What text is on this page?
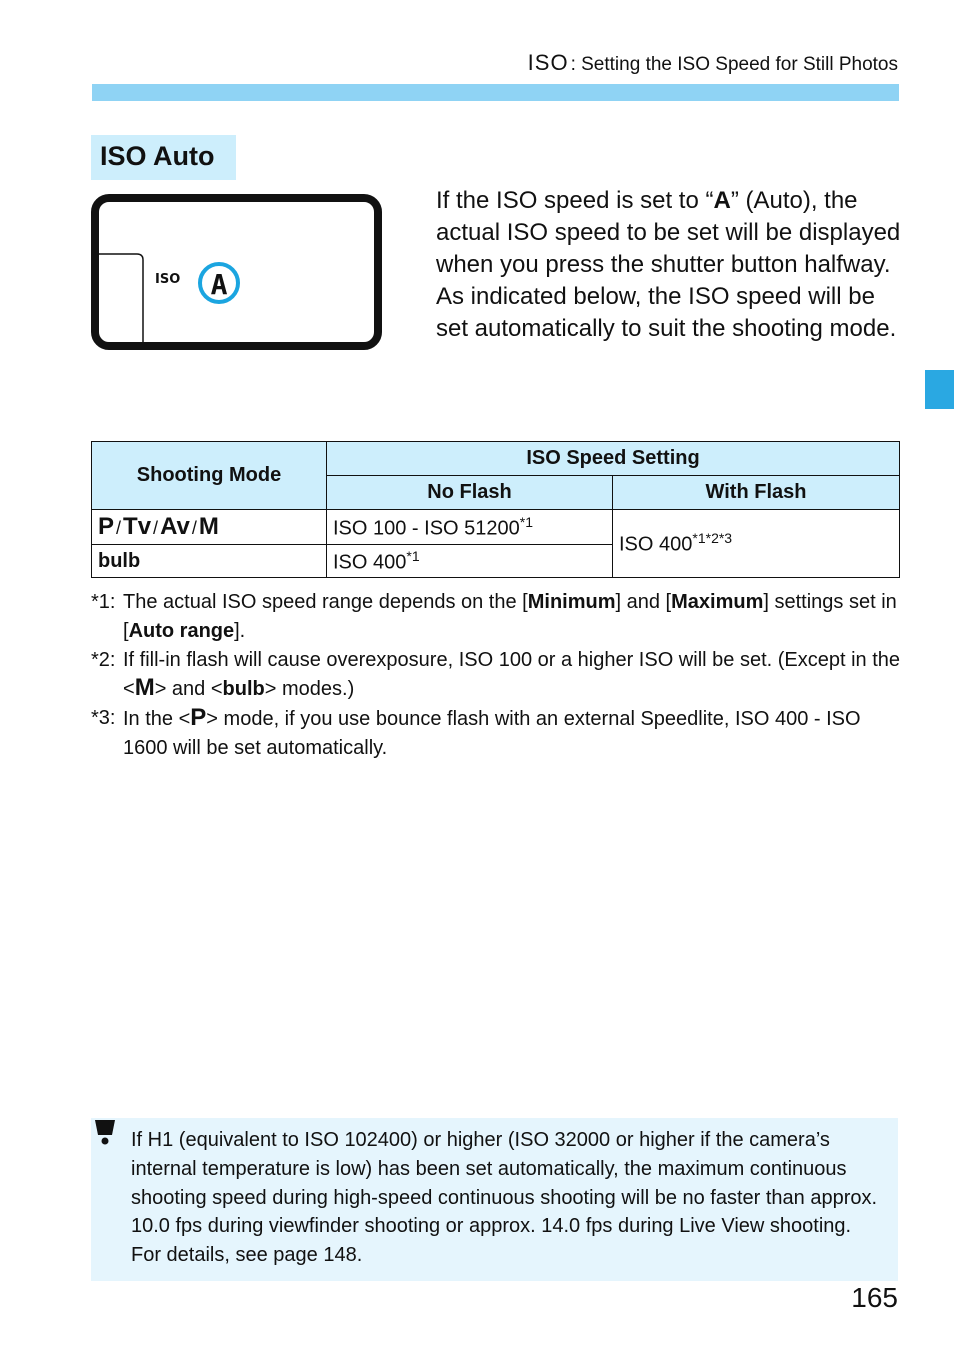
ISO : Setting the ISO Speed for Still Photos
ISO Auto
ISO A

If the ISO speed is set to “A” (Auto), the actual ISO speed to be set will be displayed when you press the shutter button halfway.

As indicated below, the ISO speed will be set automatically to suit the shooting mode.

Shooting Mode	ISO Speed Setting	
	No Flash	With Flash
P /Tv /Av /M	ISO 100 - ISO 51200$^{*1}$	ISO $400^{*1*2*3}$
bulb	ISO 400$^{*1}$
*1: The actual ISO speed range depends on the [Minimum] and [Maximum] settings set in [Auto range].
*2: If fill-in flash will cause overexposure, ISO 100 or a higher ISO will be set. (Except in the <M> and <bulb> modes.)
*3: In the <P> mode, if you use bounce flash with an external Speedlite, ISO 400 - ISO 1600 will be set automatically.
If H1 (equivalent to ISO 102400) or higher (ISO 32000 or higher if the camera’s internal temperature is low) has been set automatically, the maximum continuous shooting speed during high-speed continuous shooting will be no faster than approx. 10.0 fps during viewfinder shooting or approx. 14.0 fps during Live View shooting. For details, see page 148.
165
